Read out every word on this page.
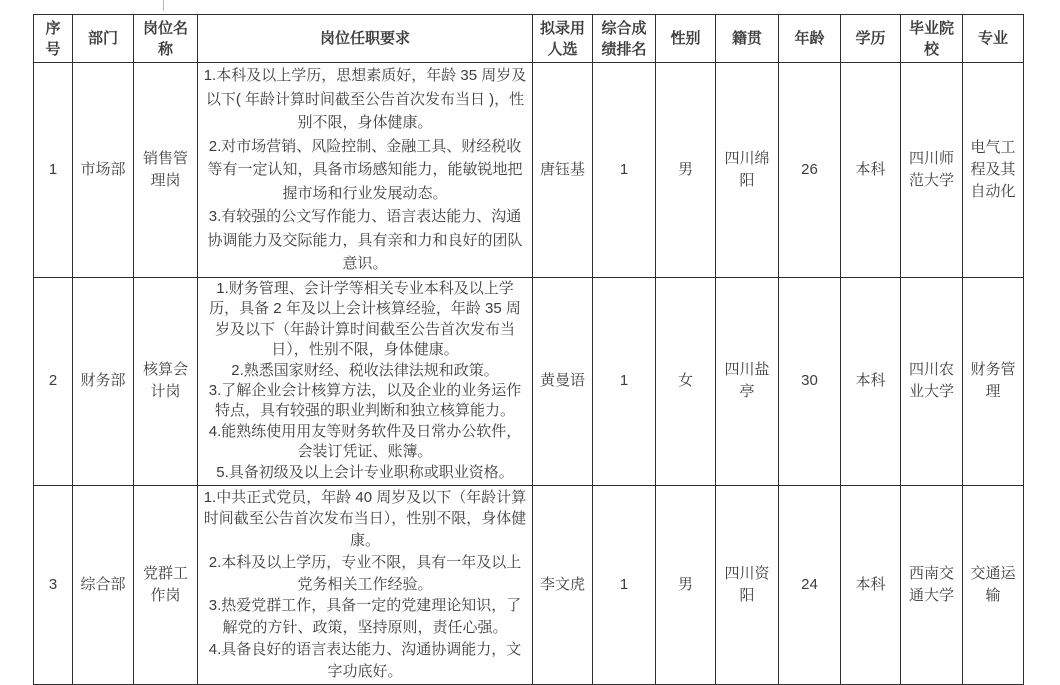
序号	部门	岗位名称	岗位任职要求	拟录用人选	综合成绩排名	性别	籍贯	年龄	学历	毕业院校	专业
1	市场部	销售管理岗	1.本科及以上学历，思想素质好，年龄 35 周岁及以下( 年龄计算时间截至公告首次发布当日 )，性别不限，身体健康。
2.对市场营销、风险控制、金融工具、财经税收等有一定认知，具备市场感知能力，能敏锐地把握市场和行业发展动态。
3.有较强的公文写作能力、语言表达能力、沟通协调能力及交际能力，具有亲和力和良好的团队意识。	唐钰基	1	男	四川绵阳	26	本科	四川师范大学	电气工程及其自动化
2	财务部	核算会计岗	1.财务管理、会计学等相关专业本科及以上学历，具备 2 年及以上会计核算经验，年龄 35 周岁及以下（年龄计算时间截至公告首次发布当日），性别不限，身体健康。
2.熟悉国家财经、税收法律法规和政策。
3.了解企业会计核算方法，以及企业的业务运作特点，具有较强的职业判断和独立核算能力。
4.能熟练使用用友等财务软件及日常办公软件，会装订凭证、账簿。
5.具备初级及以上会计专业职称或职业资格。	黄曼语	1	女	四川盐亭	30	本科	四川农业大学	财务管理
3	综合部	党群工作岗	1.中共正式党员，年龄 40 周岁及以下（年龄计算时间截至公告首次发布当日），性别不限，身体健康。
2.本科及以上学历，专业不限，具有一年及以上党务相关工作经验。
3.热爱党群工作，具备一定的党建理论知识，了解党的方针、政策，坚持原则，责任心强。
4.具备良好的语言表达能力、沟通协调能力，文字功底好。	李文虎	1	男	四川资阳	24	本科	西南交通大学	交通运输
